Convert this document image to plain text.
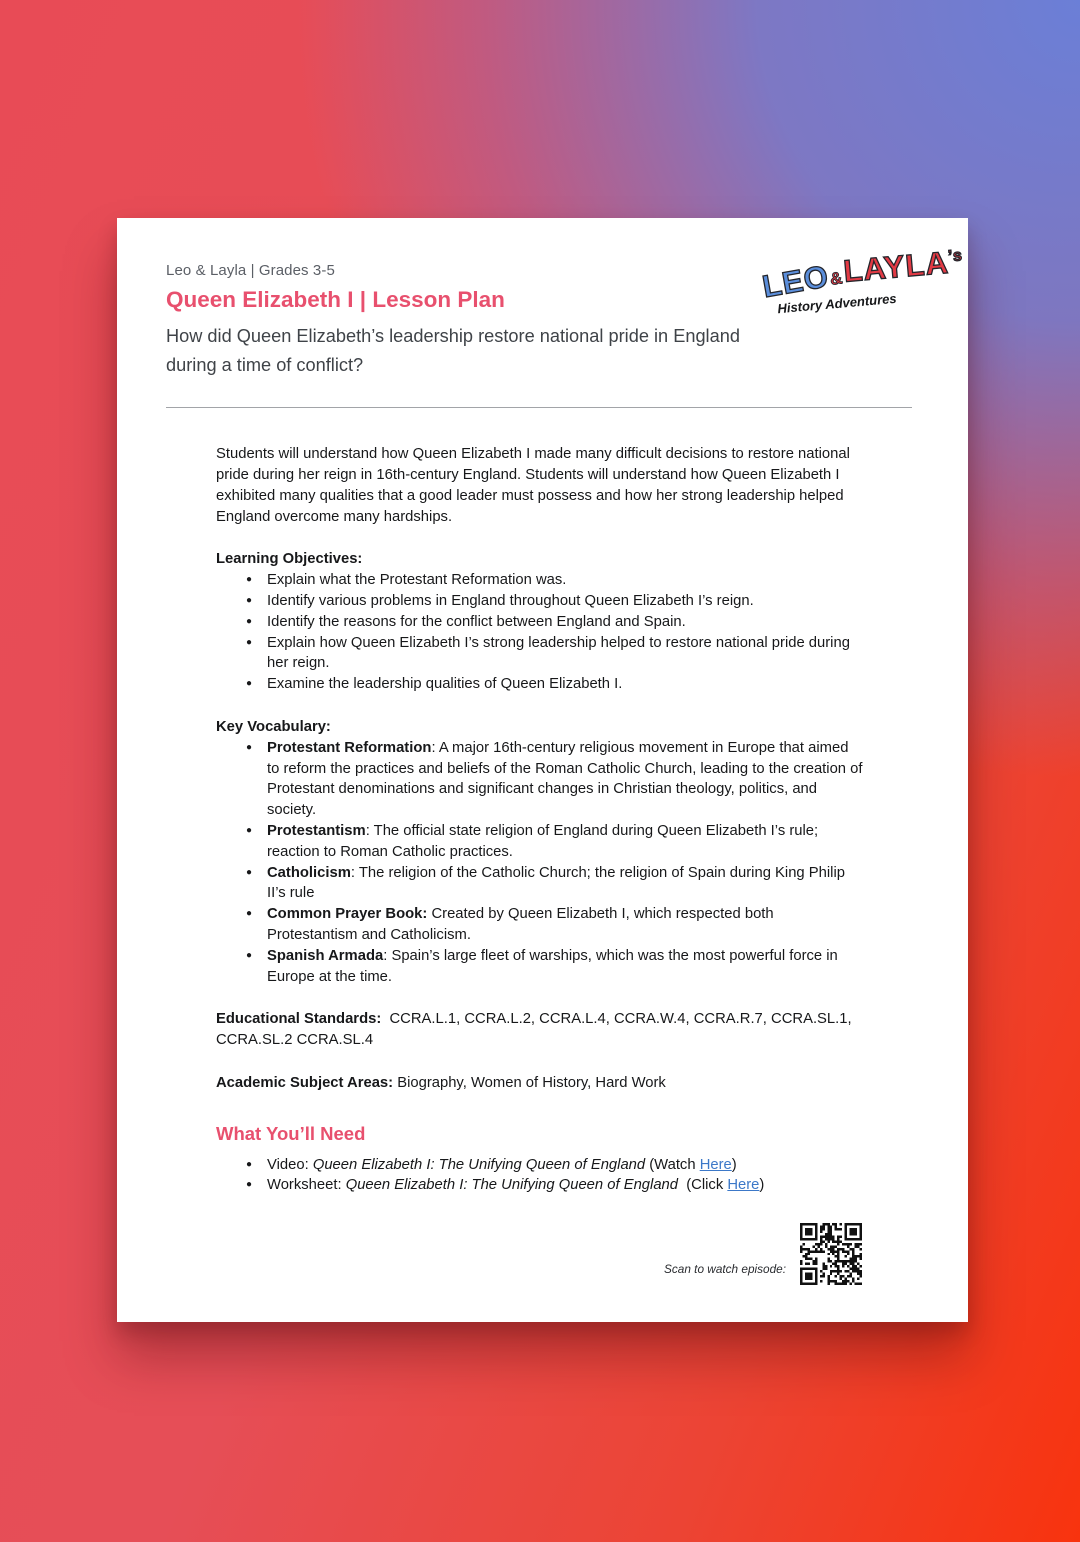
Leo & Layla | Grades 3-5
Queen Elizabeth I | Lesson Plan
How did Queen Elizabeth’s leadership restore national pride in England during a time of conflict?
$LEO\&LAYLA^{’s}$
History Adventures

Students will understand how Queen Elizabeth I made many difficult decisions to restore national pride during her reign in 16th-century England. Students will understand how Queen Elizabeth I exhibited many qualities that a good leader must possess and how her strong leadership helped England overcome many hardships.

Learning Objectives:
● Explain what the Protestant Reformation was.
● Identify various problems in England throughout Queen Elizabeth I’s reign.
● Identify the reasons for the conflict between England and Spain.
● Explain how Queen Elizabeth I’s strong leadership helped to restore national pride during her reign.
● Examine the leadership qualities of Queen Elizabeth I.
Key Vocabulary:
● Protestant Reformation: A major 16th-century religious movement in Europe that aimed to reform the practices and beliefs of the Roman Catholic Church, leading to the creation of Protestant denominations and significant changes in Christian theology, politics, and society.
● Protestantism: The official state religion of England during Queen Elizabeth I’s rule; reaction to Roman Catholic practices.
● Catholicism: The religion of the Catholic Church; the religion of Spain during King Philip II’s rule
● Common Prayer Book: Created by Queen Elizabeth I, which respected both Protestantism and Catholicism.
● Spanish Armada: Spain’s large fleet of warships, which was the most powerful force in Europe at the time.
Educational Standards:  CCRA.L.1, CCRA.L.2, CCRA.L.4, CCRA.W.4, CCRA.R.7, CCRA.SL.1, CCRA.SL.2 CCRA.SL.4
Academic Subject Areas: Biography, Women of History, Hard Work
What You’ll Need
● Video: Queen Elizabeth I: The Unifying Queen of England (Watch Here)
● Worksheet: Queen Elizabeth I: The Unifying Queen of England  (Click Here)
Scan to watch episode:
